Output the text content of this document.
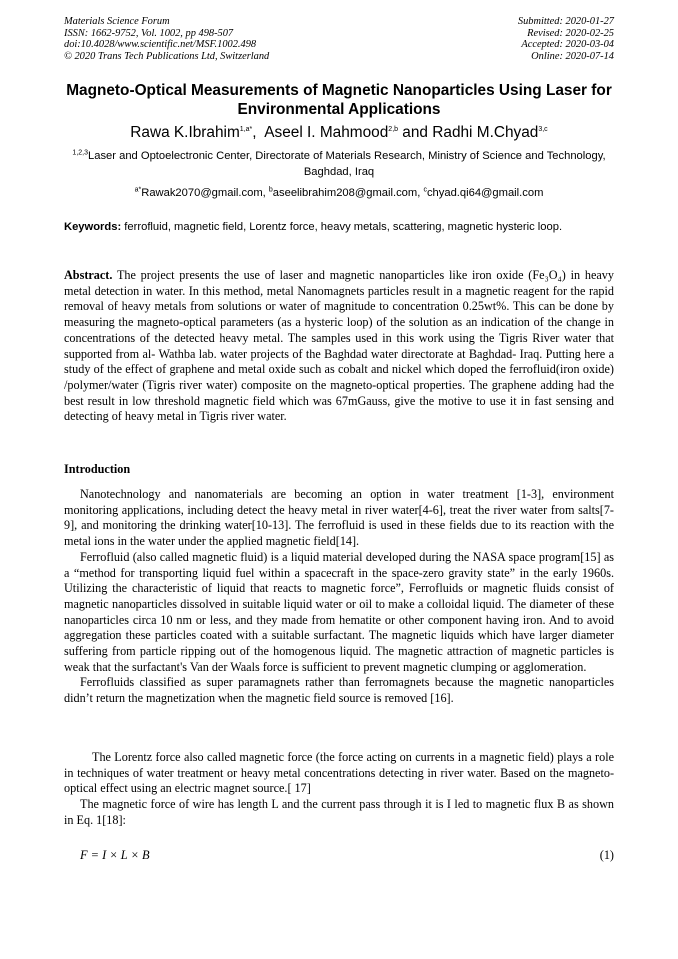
Materials Science Forum
ISSN: 1662-9752, Vol. 1002, pp 498-507
doi:10.4028/www.scientific.net/MSF.1002.498
© 2020 Trans Tech Publications Ltd, Switzerland
Submitted: 2020-01-27
Revised: 2020-02-25
Accepted: 2020-03-04
Online: 2020-07-14
Magneto-Optical Measurements of Magnetic Nanoparticles Using Laser for Environmental Applications
Rawa K.Ibrahim$^{1,a*}$,  Aseel I. Mahmood$^{2,b}$ and Radhi M.Chyad$^{3,c}$
$^{1,2,3}$Laser and Optoelectronic Center, Directorate of Materials Research, Ministry of Science and Technology, Baghdad, Iraq
$^{a*}$Rawak2070@gmail.com, $^b$aseelibrahim208@gmail.com, $^c$chyad.qi64@gmail.com
Keywords: ferrofluid, magnetic field, Lorentz force, heavy metals, scattering, magnetic hysteric loop.
Abstract. The project presents the use of laser and magnetic nanoparticles like iron oxide (Fe₃O₄) in heavy metal detection in water. In this method, metal Nanomagnets particles result in a magnetic reagent for the rapid removal of heavy metals from solutions or water of magnitude to concentration 0.25wt%. This can be done by measuring the magneto-optical parameters (as a hysteric loop) of the solution as an indication of the change in concentrations of the detected heavy metal. The samples used in this work using the Tigris River water that supported from al- Wathba lab. water projects of the Baghdad water directorate at Baghdad- Iraq. Putting here a study of the effect of graphene and metal oxide such as cobalt and nickel which doped the ferrofluid(iron oxide) /polymer/water (Tigris river water) composite on the magneto-optical properties. The graphene adding had the best result in low threshold magnetic field which was 67mGauss, give the motive to use it in fast sensing and detecting of heavy metal in Tigris river water.
Introduction

Nanotechnology and nanomaterials are becoming an option in water treatment [1-3], environment monitoring applications, including detect the heavy metal in river water[4-6], treat the river water from salts[7-9], and monitoring the drinking water[10-13]. The ferrofluid is used in these fields due to its reaction with the metal ions in the water under the applied magnetic field[14].

Ferrofluid (also called magnetic fluid) is a liquid material developed during the NASA space program[15] as a “method for transporting liquid fuel within a spacecraft in the space-zero gravity state” in the early 1960s. Utilizing the characteristic of liquid that reacts to magnetic force”, Ferrofluids or magnetic fluids consist of magnetic nanoparticles dissolved in suitable liquid water or oil to make a colloidal liquid. The diameter of these nanoparticles circa 10 nm or less, and they made from hematite or other component having iron. And to avoid aggregation these particles coated with a suitable surfactant. The magnetic liquids which have larger diameter suffering from particle ripping out of the homogenous liquid. The magnetic attraction of magnetic particles is weak that the surfactant's Van der Waals force is sufficient to prevent magnetic clumping or agglomeration.

Ferrofluids classified as super paramagnets rather than ferromagnets because the magnetic nanoparticles didn’t return the magnetization when the magnetic field source is removed [16].

The Lorentz force also called magnetic force (the force acting on currents in a magnetic field) plays a role in techniques of water treatment or heavy metal concentrations detecting in river water. Based on the magneto-optical effect using an electric magnet source.[ 17]

The magnetic force of wire has length L and the current pass through it is I led to magnetic flux B as shown in Eq. 1[18]:

F = I × L × B	(1)
